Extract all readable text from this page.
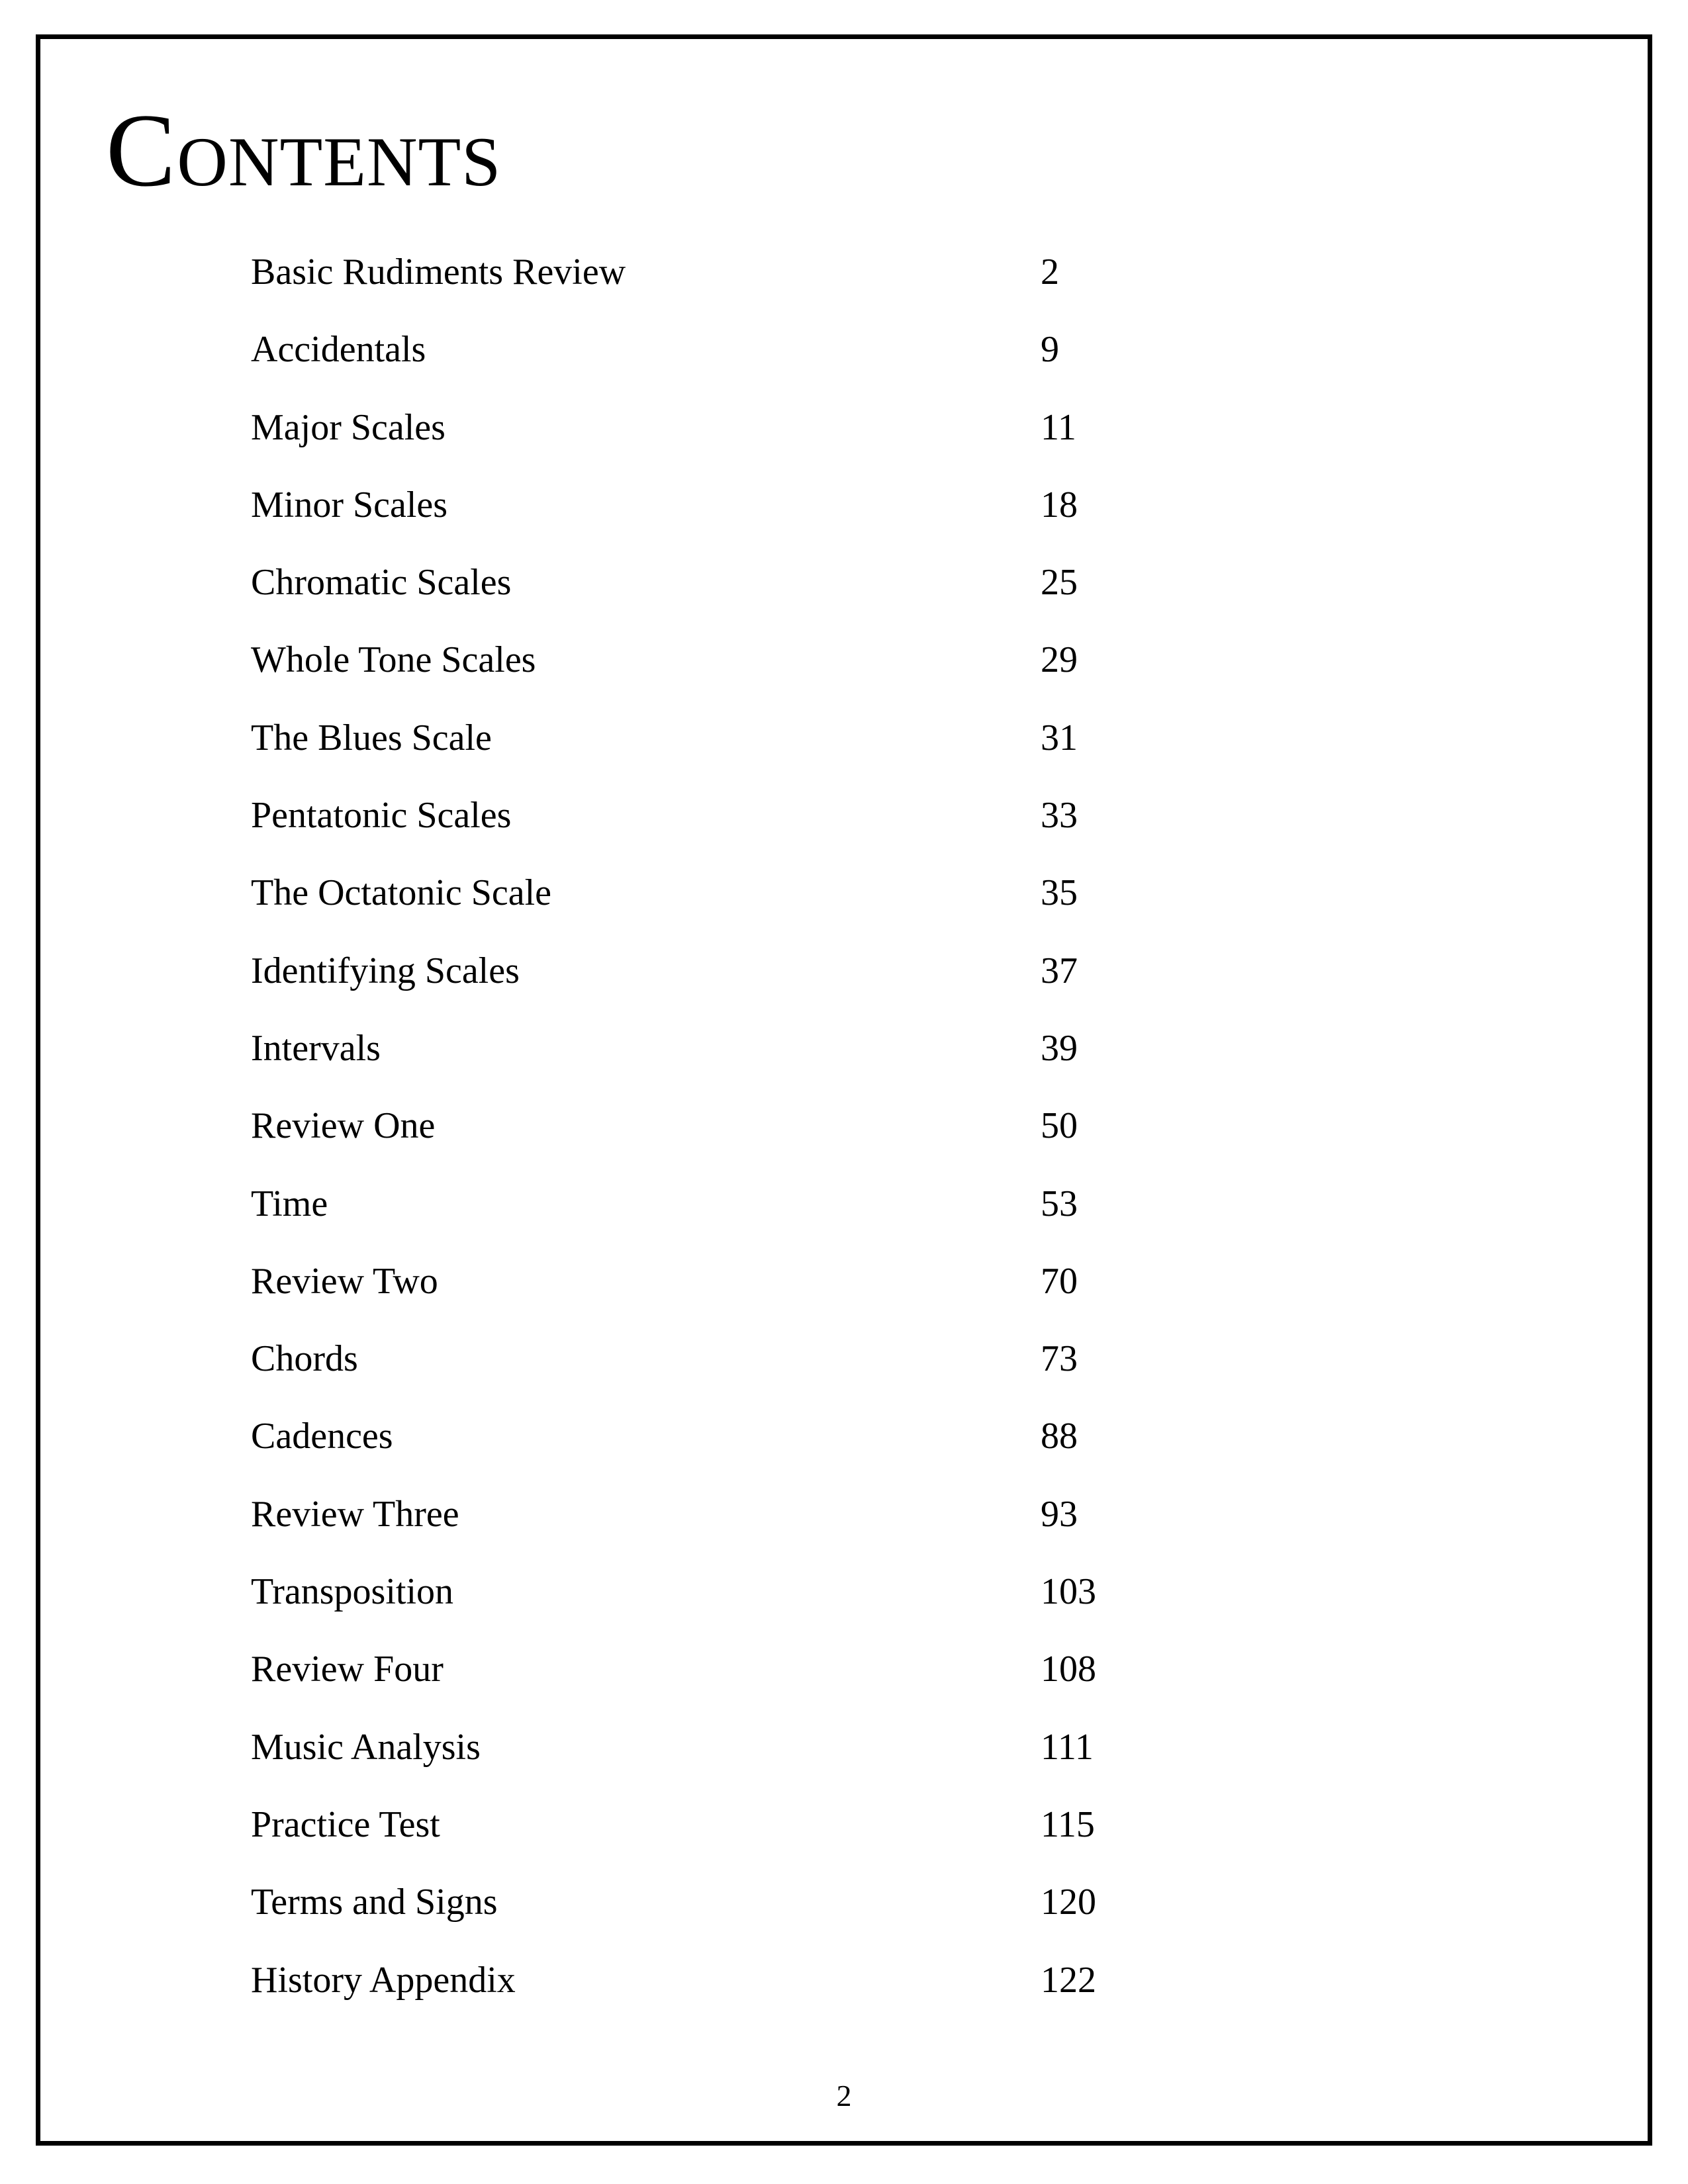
CONTENTS
Basic Rudiments Review	2
Accidentals	9
Major Scales	11
Minor Scales	18
Chromatic Scales	25
Whole Tone Scales	29
The Blues Scale	31
Pentatonic Scales	33
The Octatonic Scale	35
Identifying Scales	37
Intervals	39
Review One	50
Time	53
Review Two	70
Chords	73
Cadences	88
Review Three	93
Transposition	103
Review Four	108
Music Analysis	111
Practice Test	115
Terms and Signs	120
History Appendix	122
2
